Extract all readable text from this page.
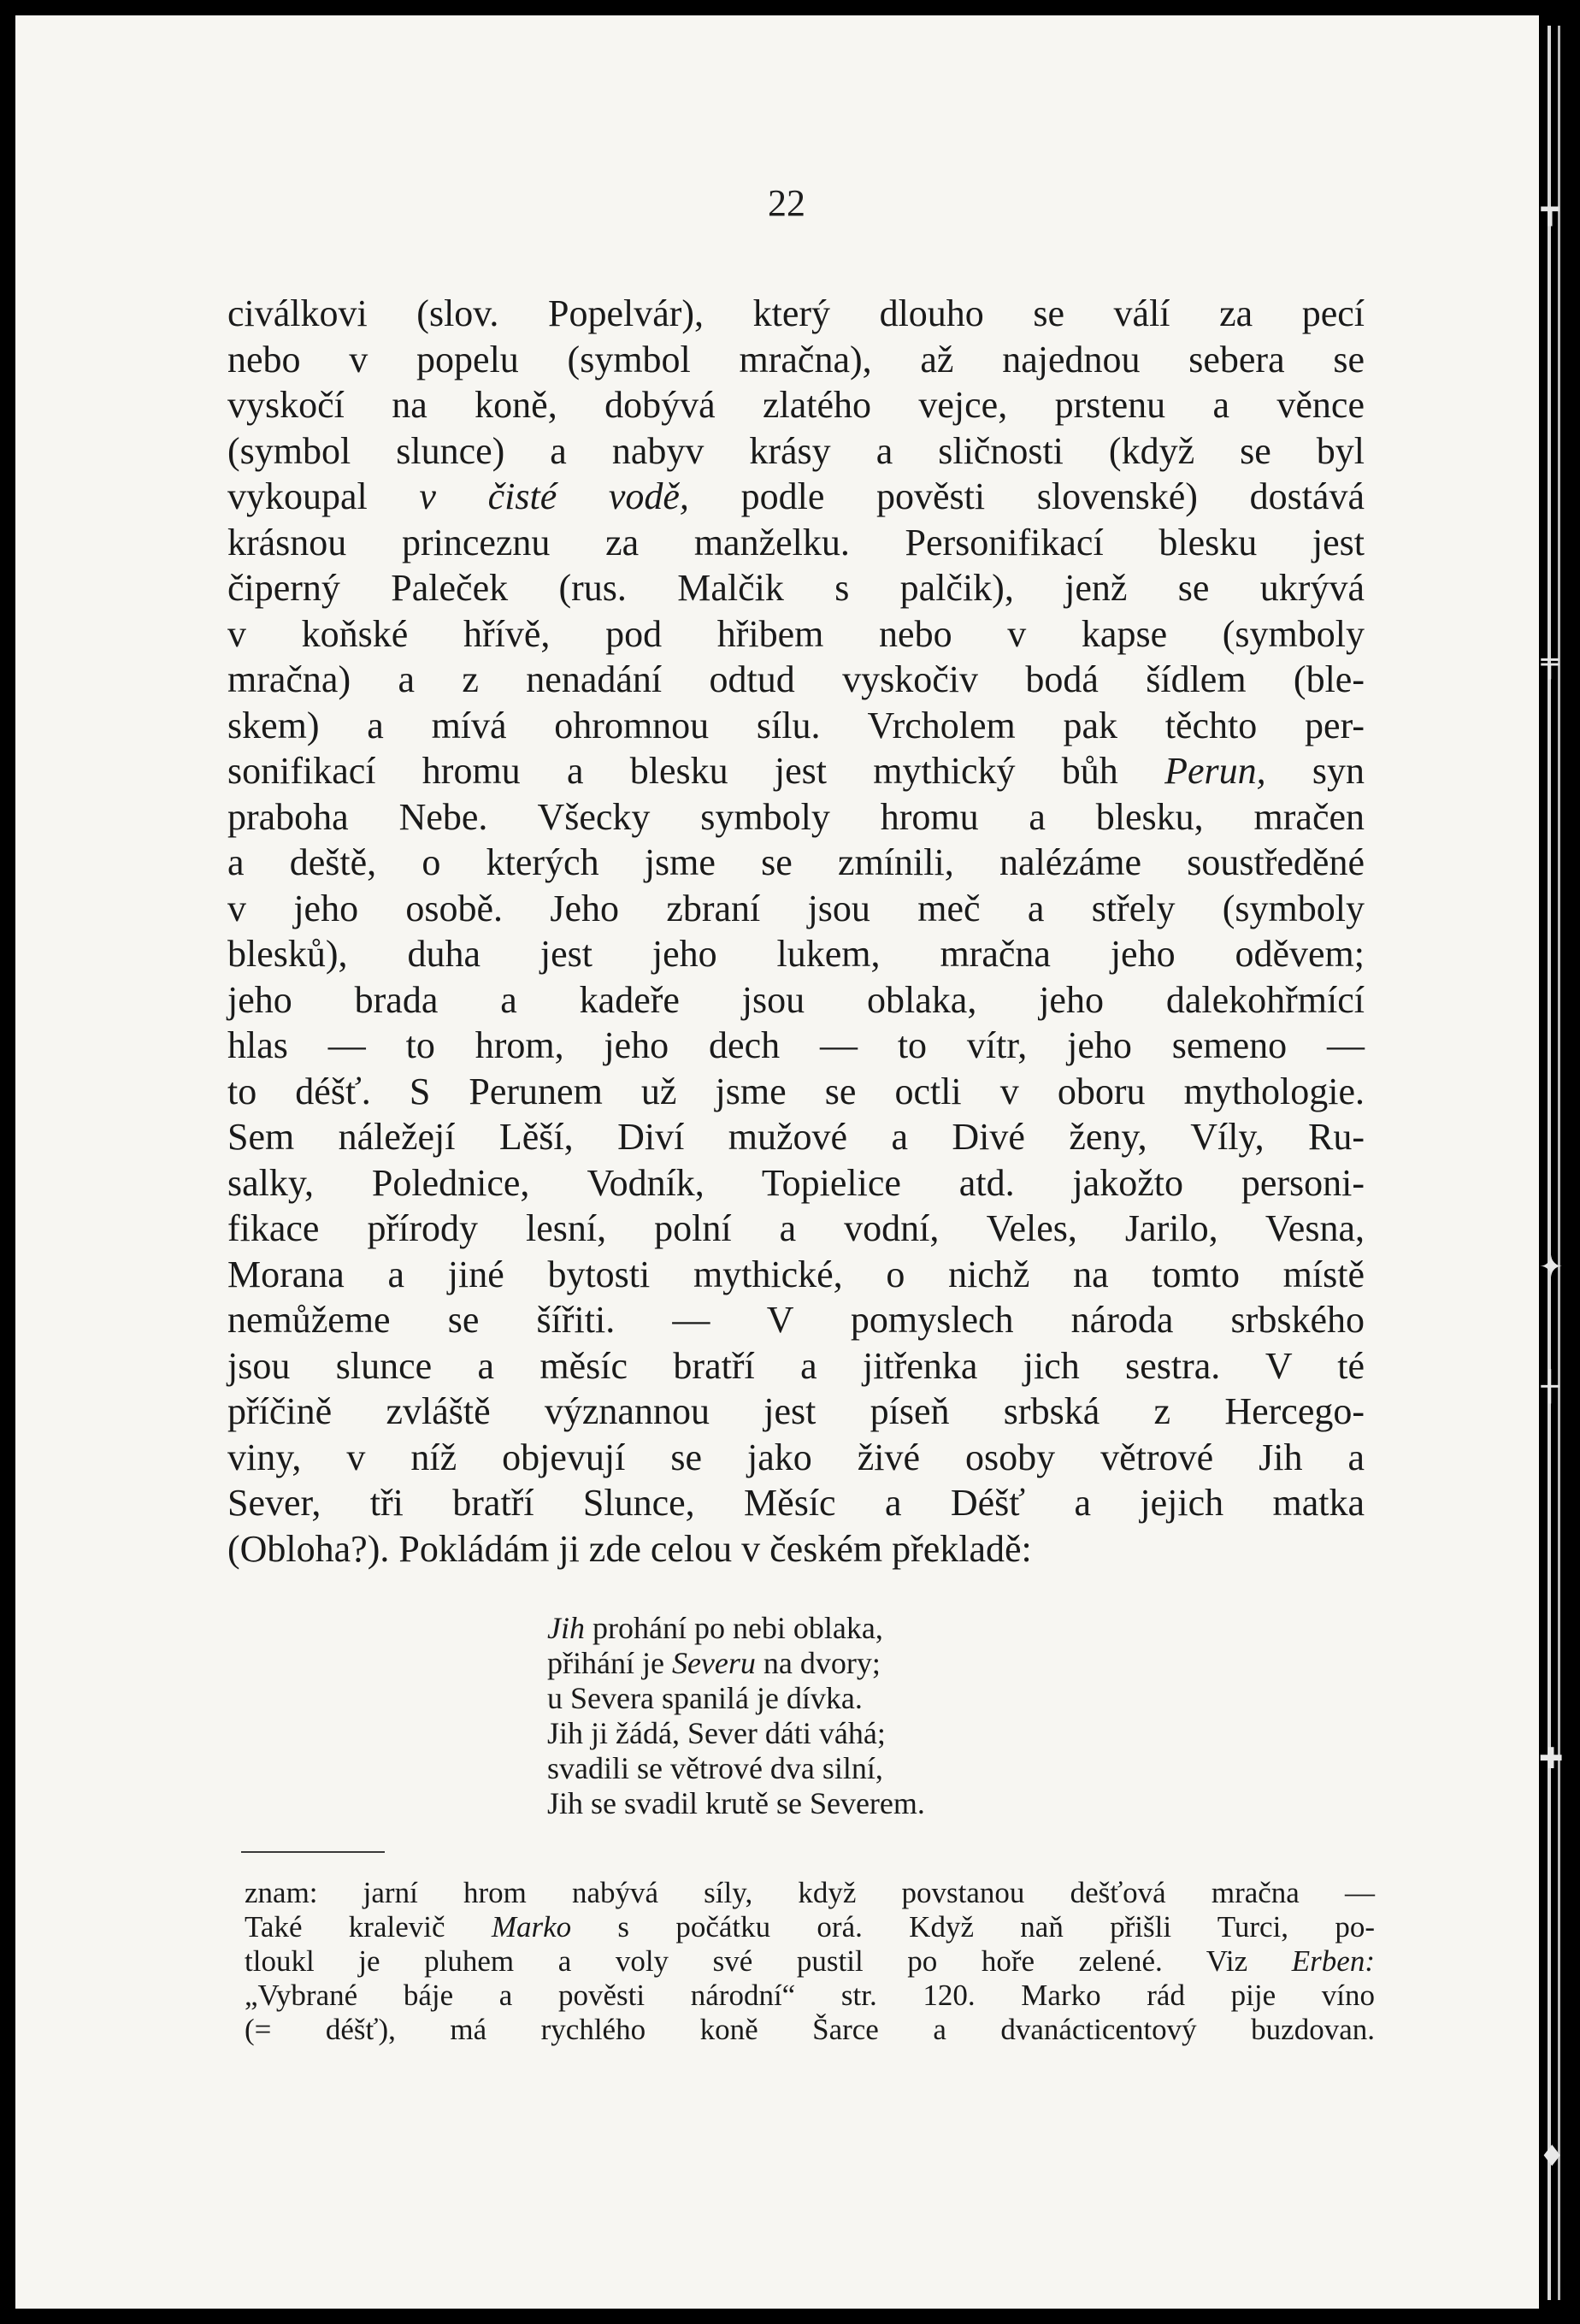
┳
╤
✦
┼
✚
♦
22
civálkovi (slov. Popelvár), který dlouho se válí za pecí
nebo v popelu (symbol mračna), až najednou sebera se
vyskočí na koně, dobývá zlatého vejce, prstenu a věnce
(symbol slunce) a nabyv krásy a sličnosti (když se byl
vykoupal v čisté vodě, podle pověsti slovenské) dostává
krásnou princeznu za manželku. Personifikací blesku jest
čiperný Paleček (rus. Malčik s palčik), jenž se ukrývá
v koňské hřívě, pod hřibem nebo v kapse (symboly
mračna) a z nenadání odtud vyskočiv bodá šídlem (ble-
skem) a mívá ohromnou sílu. Vrcholem pak těchto per-
sonifikací hromu a blesku jest mythický bůh Perun, syn
praboha Nebe. Všecky symboly hromu a blesku, mračen
a deště, o kterých jsme se zmínili, nalézáme soustředěné
v jeho osobě. Jeho zbraní jsou meč a střely (symboly
blesků), duha jest jeho lukem, mračna jeho oděvem;
jeho brada a kadeře jsou oblaka, jeho dalekohřmící
hlas — to hrom, jeho dech — to vítr, jeho semeno —
to déšť. S Perunem už jsme se octli v oboru mythologie.
Sem náležejí Lěší, Diví mužové a Divé ženy, Víly, Ru-
salky, Polednice, Vodník, Topielice atd. jakožto personi-
fikace přírody lesní, polní a vodní, Veles, Jarilo, Vesna,
Morana a jiné bytosti mythické, o nichž na tomto místě
nemůžeme se šířiti. — V pomyslech národa srbského
jsou slunce a měsíc bratří a jitřenka jich sestra. V té
příčině zvláště význannou jest píseň srbská z Hercego-
viny, v níž objevují se jako živé osoby větrové Jih a
Sever, tři bratří Slunce, Měsíc a Déšť a jejich matka
(Obloha?). Pokládám ji zde celou v českém překladě:
Jih prohání po nebi oblaka,
přihání je Severu na dvory;
u Severa spanilá je dívka.
Jih ji žádá, Sever dáti váhá;
svadili se větrové dva silní,
Jih se svadil krutě se Severem.
znam: jarní hrom nabývá síly, když povstanou dešťová mračna —
Také kralevič Marko s počátku orá. Když naň přišli Turci, po-
tloukl je pluhem a voly své pustil po hoře zelené. Viz Erben:
„Vybrané báje a pověsti národní“ str. 120. Marko rád pije víno
(= déšť), má rychlého koně Šarce a dvanácticentový buzdovan.
